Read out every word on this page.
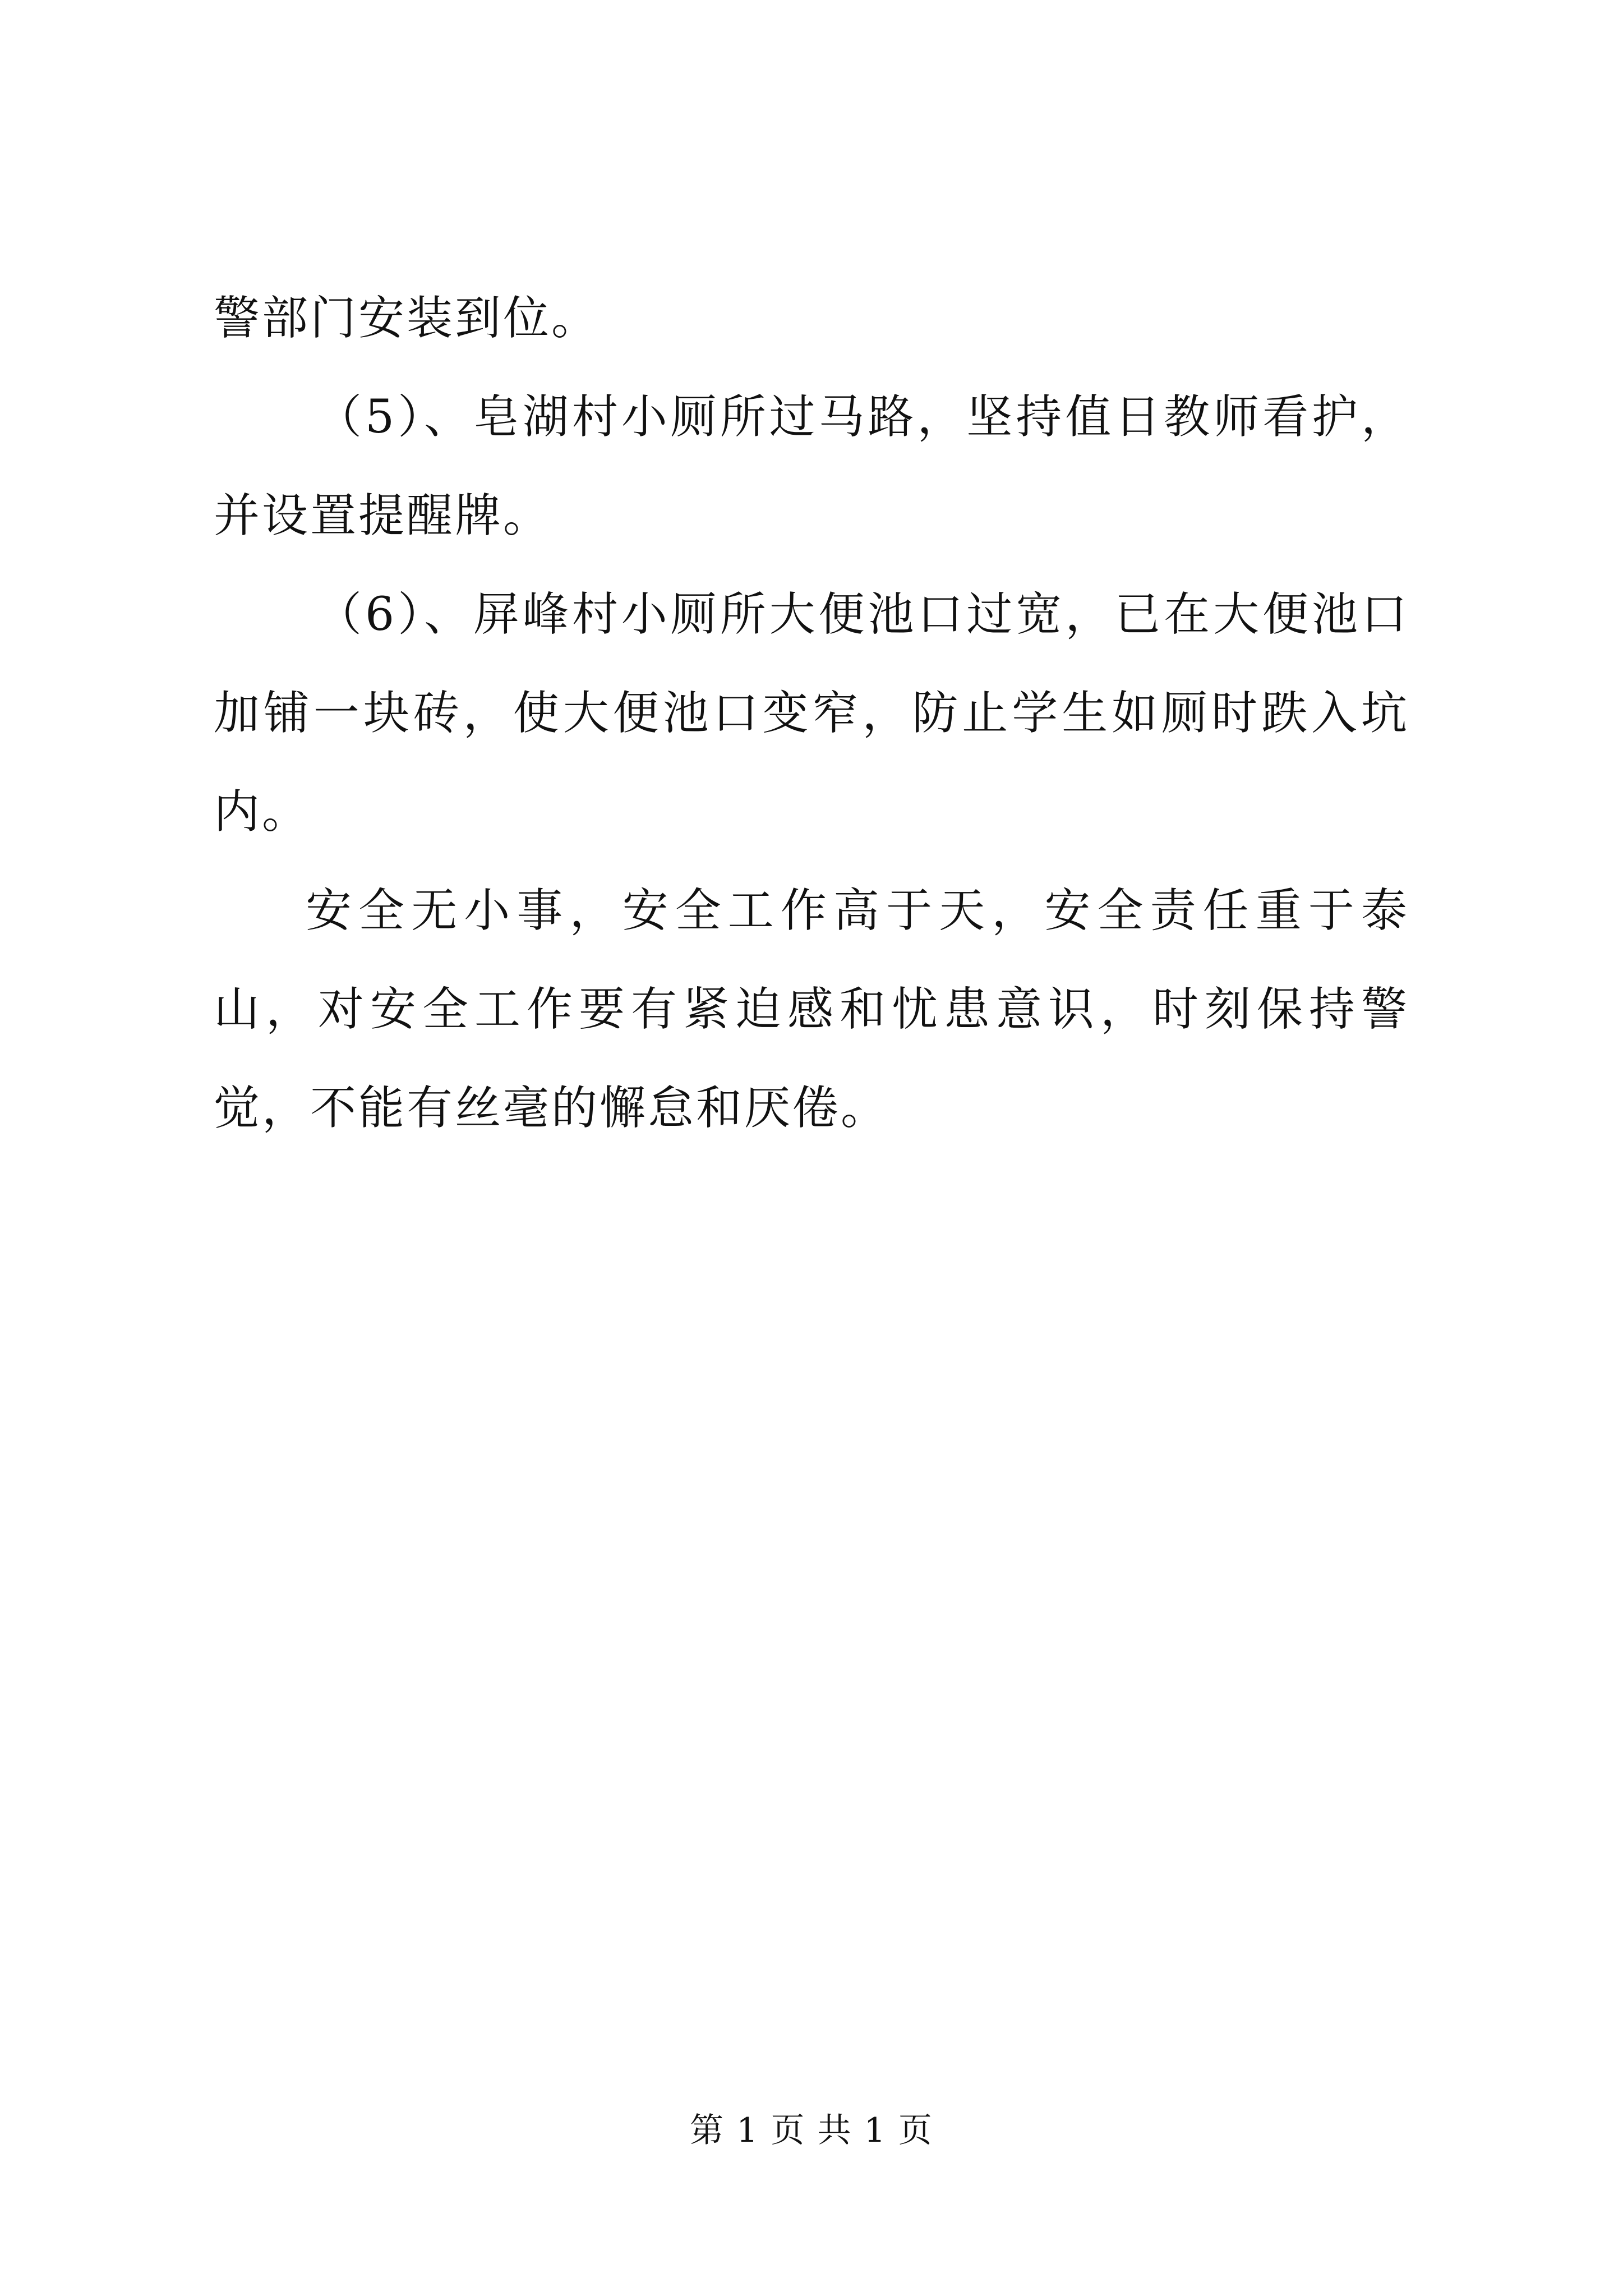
警部门安装到位。

（5）、皂湖村小厕所过马路，坚持值日教师看护，并设置提醒牌。

（6）、屏峰村小厕所大便池口过宽，已在大便池口加铺一块砖，使大便池口变窄，防止学生如厕时跌入坑内。

安全无小事，安全工作高于天，安全责任重于泰山，对安全工作要有紧迫感和忧患意识，时刻保持警觉，不能有丝毫的懈怠和厌倦。

第 1 页 共 1 页
